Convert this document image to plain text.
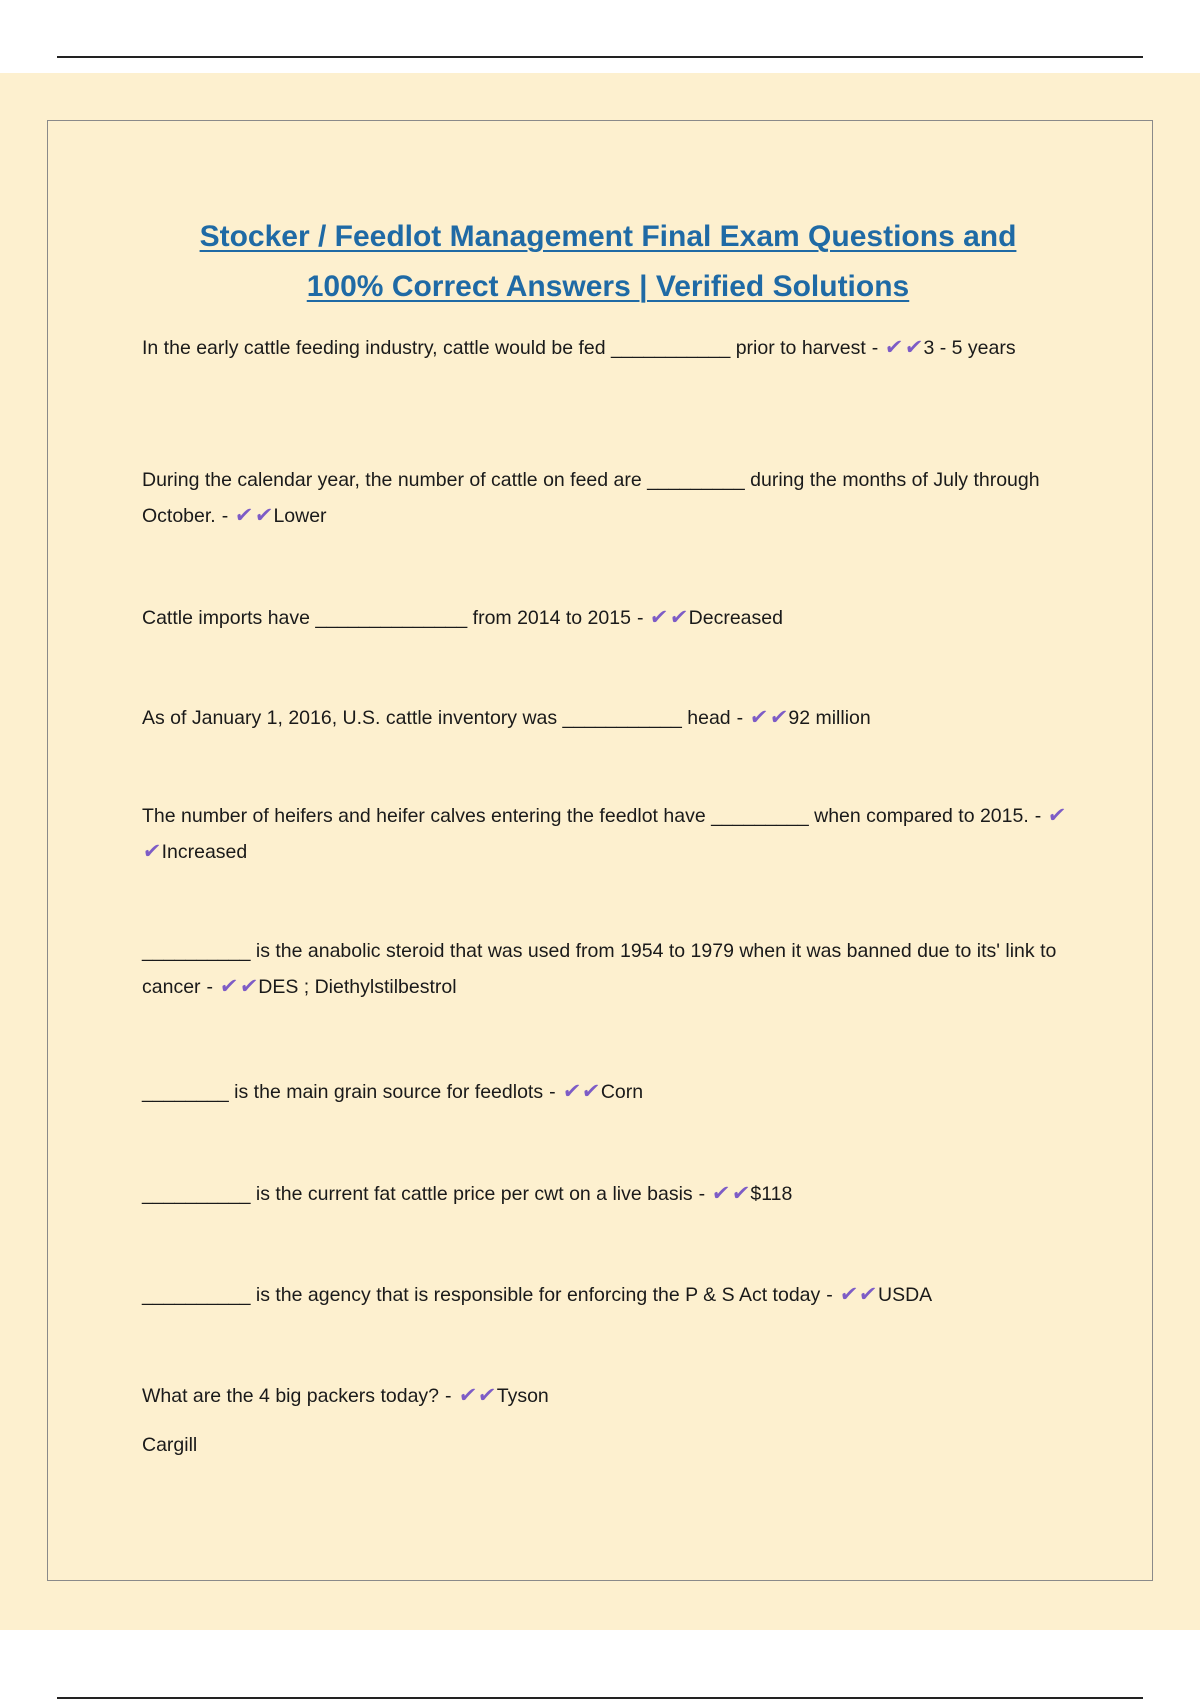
Stocker / Feedlot Management Final Exam Questions and
100% Correct Answers | Verified Solutions
In the early cattle feeding industry, cattle would be fed ___________ prior to harvest - ✔✔3 - 5 years
During the calendar year, the number of cattle on feed are _________ during the months of July through October. - ✔✔Lower
Cattle imports have ______________ from 2014 to 2015 - ✔✔Decreased
As of January 1, 2016, U.S. cattle inventory was ___________ head - ✔✔92 million
The number of heifers and heifer calves entering the feedlot have _________ when compared to 2015. - ✔✔Increased
__________ is the anabolic steroid that was used from 1954 to 1979 when it was banned due to its' link to cancer - ✔✔DES ; Diethylstilbestrol
________ is the main grain source for feedlots - ✔✔Corn
__________ is the current fat cattle price per cwt on a live basis - ✔✔$118
__________ is the agency that is responsible for enforcing the P & S Act today - ✔✔USDA
What are the 4 big packers today? - ✔✔Tyson
Cargill
